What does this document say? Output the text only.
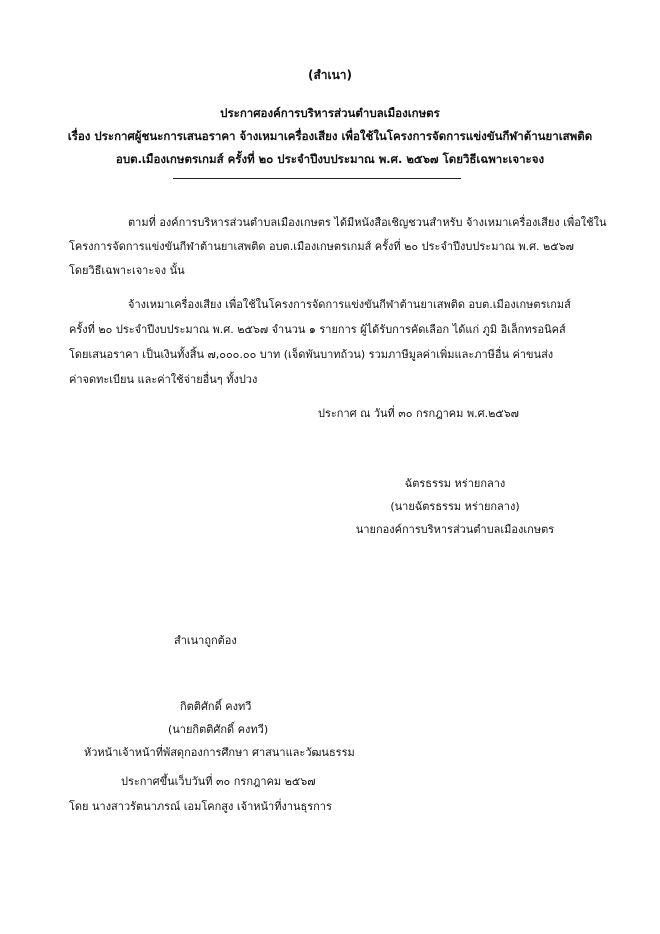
(สำเนา)
ประกาศองค์การบริหารส่วนตำบลเมืองเกษตร
เรื่อง ประกาศผู้ชนะการเสนอราคา จ้างเหมาเครื่องเสียง เพื่อใช้ในโครงการจัดการแข่งขันกีฬาต้านยาเสพติด
อบต.เมืองเกษตรเกมส์ ครั้งที่ ๒๐ ประจำปีงบประมาณ พ.ศ. ๒๕๖๗ โดยวิธีเฉพาะเจาะจง
ตามที่ องค์การบริหารส่วนตำบลเมืองเกษตร ได้มีหนังสือเชิญชวนสำหรับ จ้างเหมาเครื่องเสียง เพื่อใช้ใน
โครงการจัดการแข่งขันกีฬาต้านยาเสพติด อบต.เมืองเกษตรเกมส์ ครั้งที่ ๒๐ ประจำปีงบประมาณ พ.ศ. ๒๕๖๗
โดยวิธีเฉพาะเจาะจง นั้น
จ้างเหมาเครื่องเสียง เพื่อใช้ในโครงการจัดการแข่งขันกีฬาต้านยาเสพติด อบต.เมืองเกษตรเกมส์
ครั้งที่ ๒๐ ประจำปีงบประมาณ พ.ศ. ๒๕๖๗ จำนวน ๑ รายการ ผู้ได้รับการคัดเลือก ได้แก่ ภูมิ อิเล็กทรอนิคส์
โดยเสนอราคา เป็นเงินทั้งสิ้น ๗,๐๐๐.๐๐ บาท (เจ็ดพันบาทถ้วน) รวมภาษีมูลค่าเพิ่มและภาษีอื่น ค่าขนส่ง
ค่าจดทะเบียน และค่าใช้จ่ายอื่นๆ ทั้งปวง
ประกาศ ณ วันที่ ๓๐ กรกฎาคม พ.ศ.๒๕๖๗
ฉัตรธรรม หร่ายกลาง
(นายฉัตรธรรม หร่ายกลาง)
นายกองค์การบริหารส่วนตำบลเมืองเกษตร
สำเนาถูกต้อง
กิตติศักดิ์ คงทวี
(นายกิตติศักดิ์ คงทวี)
หัวหน้าเจ้าหน้าที่พัสดุกองการศึกษา ศาสนาและวัฒนธรรม
ประกาศขึ้นเว็บวันที่ ๓๐ กรกฎาคม ๒๕๖๗
โดย นางสาวรัตนาภรณ์ เอมโคกสูง เจ้าหน้าที่งานธุรการ
